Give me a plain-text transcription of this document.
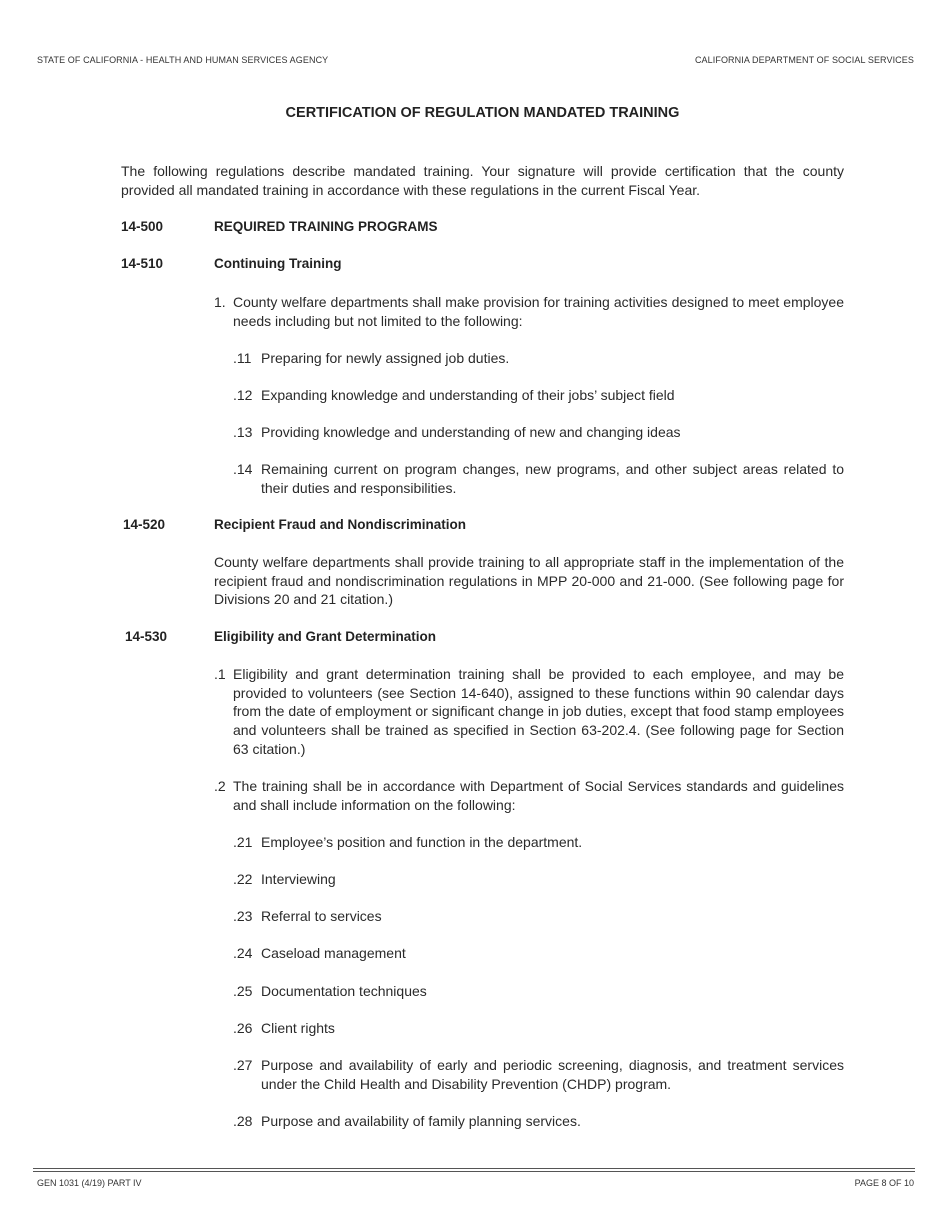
STATE OF CALIFORNIA - HEALTH AND HUMAN SERVICES AGENCY	CALIFORNIA DEPARTMENT OF SOCIAL SERVICES
CERTIFICATION OF REGULATION MANDATED TRAINING
The following regulations describe mandated training. Your signature will provide certification that the county provided all mandated training in accordance with these regulations in the current Fiscal Year.
14-500	REQUIRED TRAINING PROGRAMS
14-510	Continuing Training
1. County welfare departments shall make provision for training activities designed to meet employee needs including but not limited to the following:
.11 Preparing for newly assigned job duties.
.12 Expanding knowledge and understanding of their jobs’ subject field
.13 Providing knowledge and understanding of new and changing ideas
.14 Remaining current on program changes, new programs, and other subject areas related to their duties and responsibilities.
14-520	Recipient Fraud and Nondiscrimination
County welfare departments shall provide training to all appropriate staff in the implementation of the recipient fraud and nondiscrimination regulations in MPP 20-000 and 21-000. (See following page for Divisions 20 and 21 citation.)
14-530	Eligibility and Grant Determination
.1 Eligibility and grant determination training shall be provided to each employee, and may be provided to volunteers (see Section 14-640), assigned to these functions within 90 calendar days from the date of employment or significant change in job duties, except that food stamp employees and volunteers shall be trained as specified in Section 63-202.4. (See following page for Section 63 citation.)
.2 The training shall be in accordance with Department of Social Services standards and guidelines and shall include information on the following:
.21 Employee’s position and function in the department.
.22 Interviewing
.23 Referral to services
.24 Caseload management
.25 Documentation techniques
.26 Client rights
.27 Purpose and availability of early and periodic screening, diagnosis, and treatment services under the Child Health and Disability Prevention (CHDP) program.
.28 Purpose and availability of family planning services.
GEN 1031 (4/19) PART IV	PAGE 8 OF 10
